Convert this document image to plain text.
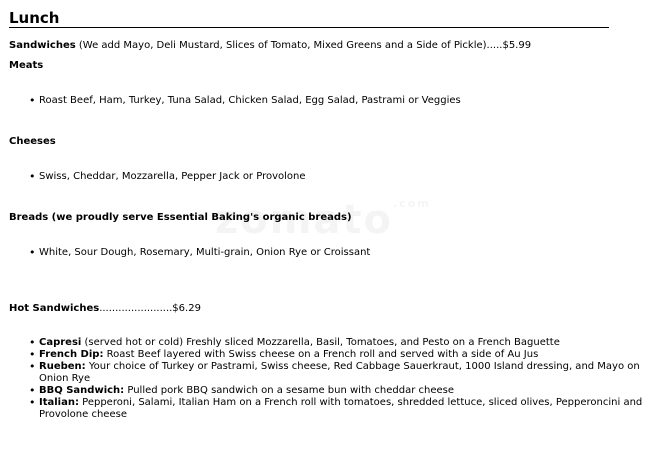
Lunch

Sandwiches (We add Mayo, Deli Mustard, Slices of Tomato, Mixed Greens and a Side of Pickle).....$5.99

Meats

• Roast Beef, Ham, Turkey, Tuna Salad, Chicken Salad, Egg Salad, Pastrami or Veggies

Cheeses

• Swiss, Cheddar, Mozzarella, Pepper Jack or Provolone

Breads (we proudly serve Essential Baking's organic breads)

• White, Sour Dough, Rosemary, Multi-grain, Onion Rye or Croissant

Hot Sandwiches.......................$6.29

• Capresi (served hot or cold) Freshly sliced Mozzarella, Basil, Tomatoes, and Pesto on a French Baguette
• French Dip: Roast Beef layered with Swiss cheese on a French roll and served with a side of Au Jus
• Rueben: Your choice of Turkey or Pastrami, Swiss cheese, Red Cabbage Sauerkraut, 1000 Island dressing, and Mayo on Onion Rye
• BBQ Sandwich: Pulled pork BBQ sandwich on a sesame bun with cheddar cheese
• Italian: Pepperoni, Salami, Italian Ham on a French roll with tomatoes, shredded lettuce, sliced olives, Pepperoncini and Provolone cheese
